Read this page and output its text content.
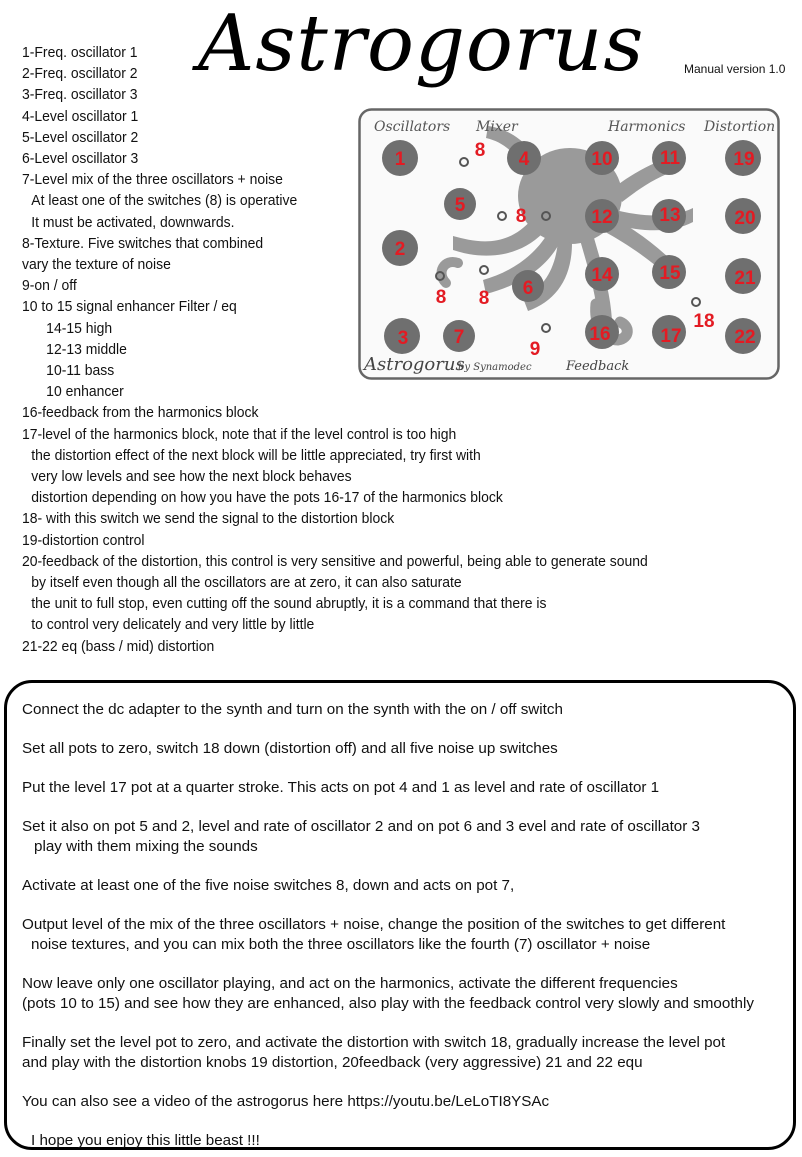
Astrogorus	Manual version 1.0
1-Freq. oscillator 1
2-Freq. oscillator 2
3-Freq. oscillator 3
4-Level oscillator 1
5-Level oscillator 2
6-Level oscillator 3
7-Level mix of the three oscillators + noise
At least one of the switches (8) is operative
It must be activated, downwards.
8-Texture. Five switches that combined
vary the texture of noise
9-on / off
10 to 15 signal enhancer Filter / eq
14-15 high
12-13 middle
10-11 bass
10 enhancer
16-feedback from the harmonics block
17-level of the harmonics block, note that if the level control is too high
the distortion effect of the next block will be little appreciated, try first with
very low levels and see how the next block behaves
distortion depending on how you have the pots 16-17 of the harmonics block
18- with this switch we send the signal to the distortion block
19-distortion control
20-feedback of the distortion, this control is very sensitive and powerful, being able to generate sound
by itself even though all the oscillators are at zero, it can also saturate
the unit to full stop, even cutting off the sound abruptly, it is a command that there is
to control very delicately and very little by little
21-22 eq (bass / mid) distortion
Oscillators Mixer	Harmonics Distortion
Astrogorus
by Synamodec	Feedback
1
2
3
4
5
6
7
8
8
8 8
9
10 11
12 13
14 15
16	17
18
19
20
21
22

Connect the dc adapter to the synth and turn on the synth with the on / off switch

Set all pots to zero, switch 18 down (distortion off) and all five noise up switches

Put the level 17 pot at a quarter stroke. This acts on pot 4 and 1 as level and rate of oscillator 1

Set it also on pot 5 and 2, level and rate of oscillator 2 and on pot 6 and 3 evel and rate of oscillator 3

play with them mixing the sounds

Activate at least one of the five noise switches 8, down and acts on pot 7,

Output level of the mix of the three oscillators + noise, change the position of the switches to get different

noise textures, and you can mix both the three oscillators like the fourth (7) oscillator + noise

Now leave only one oscillator playing, and act on the harmonics, activate the different frequencies

(pots 10 to 15) and see how they are enhanced, also play with the feedback control very slowly and smoothly

Finally set the level pot to zero, and activate the distortion with switch 18, gradually increase the level pot

and play with the distortion knobs 19 distortion, 20feedback (very aggressive) 21 and 22 equ

You can also see a video of the astrogorus here https://youtu.be/LeLoTI8YSAc

I hope you enjoy this little beast !!!
